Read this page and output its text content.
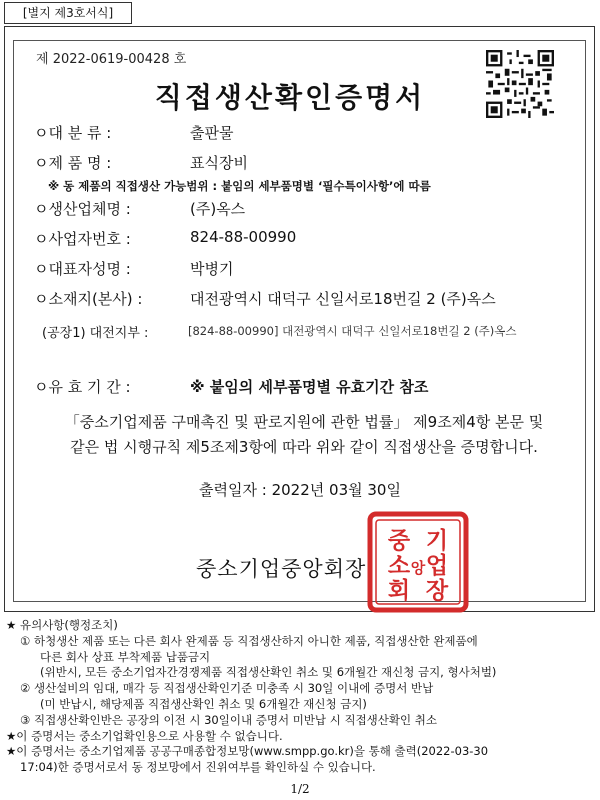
[별지 제3호서식]
제 2022-0619-00428 호
직접생산확인증명서
ㅇ대 분 류 :	출판물
ㅇ제 품 명 :	표식장비
※ 동 제품의 직접생산 가능범위 : 붙임의 세부품명별 ‘필수특이사항’에 따름
ㅇ생산업체명 :	(주)옥스
ㅇ사업자번호 :	824-88-00990
ㅇ대표자성명 :	박병기
ㅇ소재지(본사) :	대전광역시 대덕구 신일서로18번길 2 (주)옥스
(공장1) 대전지부 :	[824-88-00990] 대전광역시 대덕구 신일서로18번길 2 (주)옥스
ㅇ유 효 기 간 :	※ 붙임의 세부품명별 유효기간 참조
「중소기업제품 구매촉진 및 판로지원에 관한 법률」 제9조제4항 본문 및
같은 법 시행규칙 제5조제3항에 따라 위와 같이 직접생산을 증명합니다.
출력일자 : 2022년 03월 30일
중소기업중앙회장
중 기
소 업
회 장
앙
★ 유의사항(행정조치)
① 하청생산 제품 또는 다른 회사 완제품 등 직접생산하지 아니한 제품, 직접생산한 완제품에
다른 회사 상표 부착제품 납품금지
(위반시, 모든 중소기업자간경쟁제품 직접생산확인 취소 및 6개월간 재신청 금지, 형사처벌)
② 생산설비의 임대, 매각 등 직접생산확인기준 미충족 시 30일 이내에 증명서 반납
(미 반납시, 해당제품 직접생산확인 취소 및 6개월간 재신청 금지)
③ 직접생산확인반은 공장의 이전 시 30일이내 증명서 미반납 시 직접생산확인 취소
★이 증명서는 중소기업확인용으로 사용할 수 없습니다.
★이 증명서는 중소기업제품 공공구매종합정보망(www.smpp.go.kr)을 통해 출력(2022-03-30
17:04)한 증명서로서 동 정보망에서 진위여부를 확인하실 수 있습니다.
1/2
